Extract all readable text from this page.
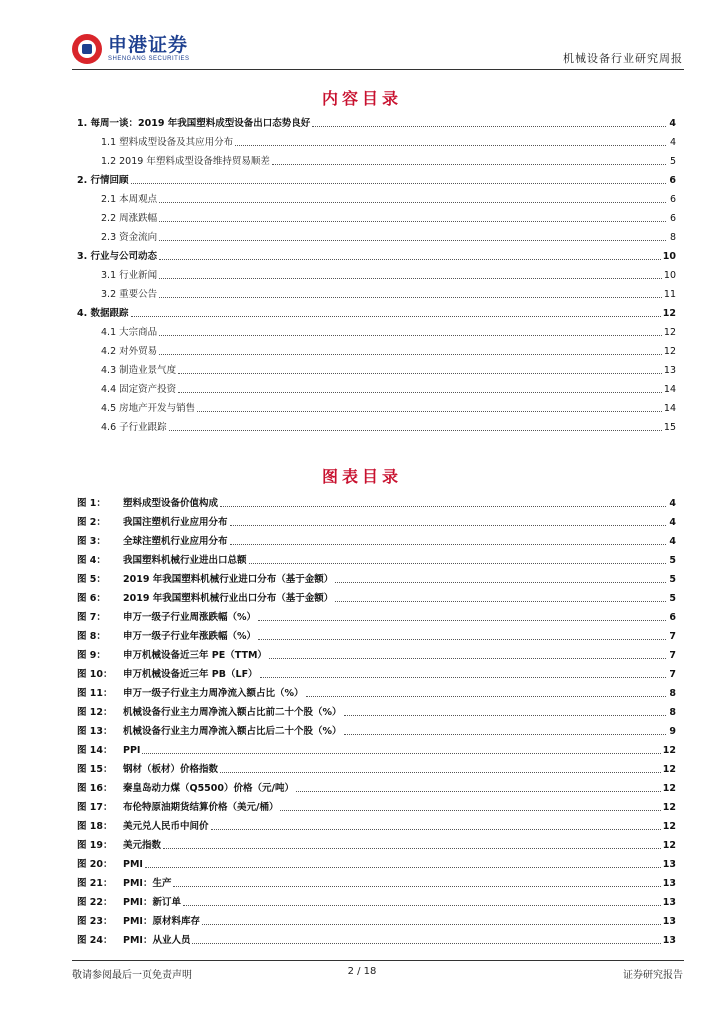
申港证券
SHENGANG SECURITIES	机械设备行业研究周报
内容目录
1. 每周一谈：2019 年我国塑料成型设备出口态势良好	4
1.1 塑料成型设备及其应用分布	4
1.2 2019 年塑料成型设备维持贸易顺差	5
2. 行情回顾	6
2.1 本周观点	6
2.2 周涨跌幅	6
2.3 资金流向	8
3. 行业与公司动态	10
3.1 行业新闻	10
3.2 重要公告	11
4. 数据跟踪	12
4.1 大宗商品	12
4.2 对外贸易	12
4.3 制造业景气度	13
4.4 固定资产投资	14
4.5 房地产开发与销售	14
4.6 子行业跟踪	15
图表目录
图 1：	塑料成型设备价值构成	4
图 2：	我国注塑机行业应用分布	4
图 3：	全球注塑机行业应用分布	4
图 4：	我国塑料机械行业进出口总额	5
图 5：	2019 年我国塑料机械行业进口分布（基于金额）	5
图 6：	2019 年我国塑料机械行业出口分布（基于金额）	5
图 7：	申万一级子行业周涨跌幅（%）	6
图 8：	申万一级子行业年涨跌幅（%）	7
图 9：	申万机械设备近三年 PE（TTM）	7
图 10：	申万机械设备近三年 PB（LF）	7
图 11：	申万一级子行业主力周净流入额占比（%）	8
图 12：	机械设备行业主力周净流入额占比前二十个股（%）	8
图 13：	机械设备行业主力周净流入额占比后二十个股（%）	9
图 14：	PPI	12
图 15：	钢材（板材）价格指数	12
图 16：	秦皇岛动力煤（Q5500）价格（元/吨）	12
图 17：	布伦特原油期货结算价格（美元/桶）	12
图 18：	美元兑人民币中间价	12
图 19：	美元指数	12
图 20：	PMI	13
图 21：	PMI：生产	13
图 22：	PMI：新订单	13
图 23：	PMI：原材料库存	13
图 24：	PMI：从业人员	13
敬请参阅最后一页免责声明	2 / 18	证券研究报告
